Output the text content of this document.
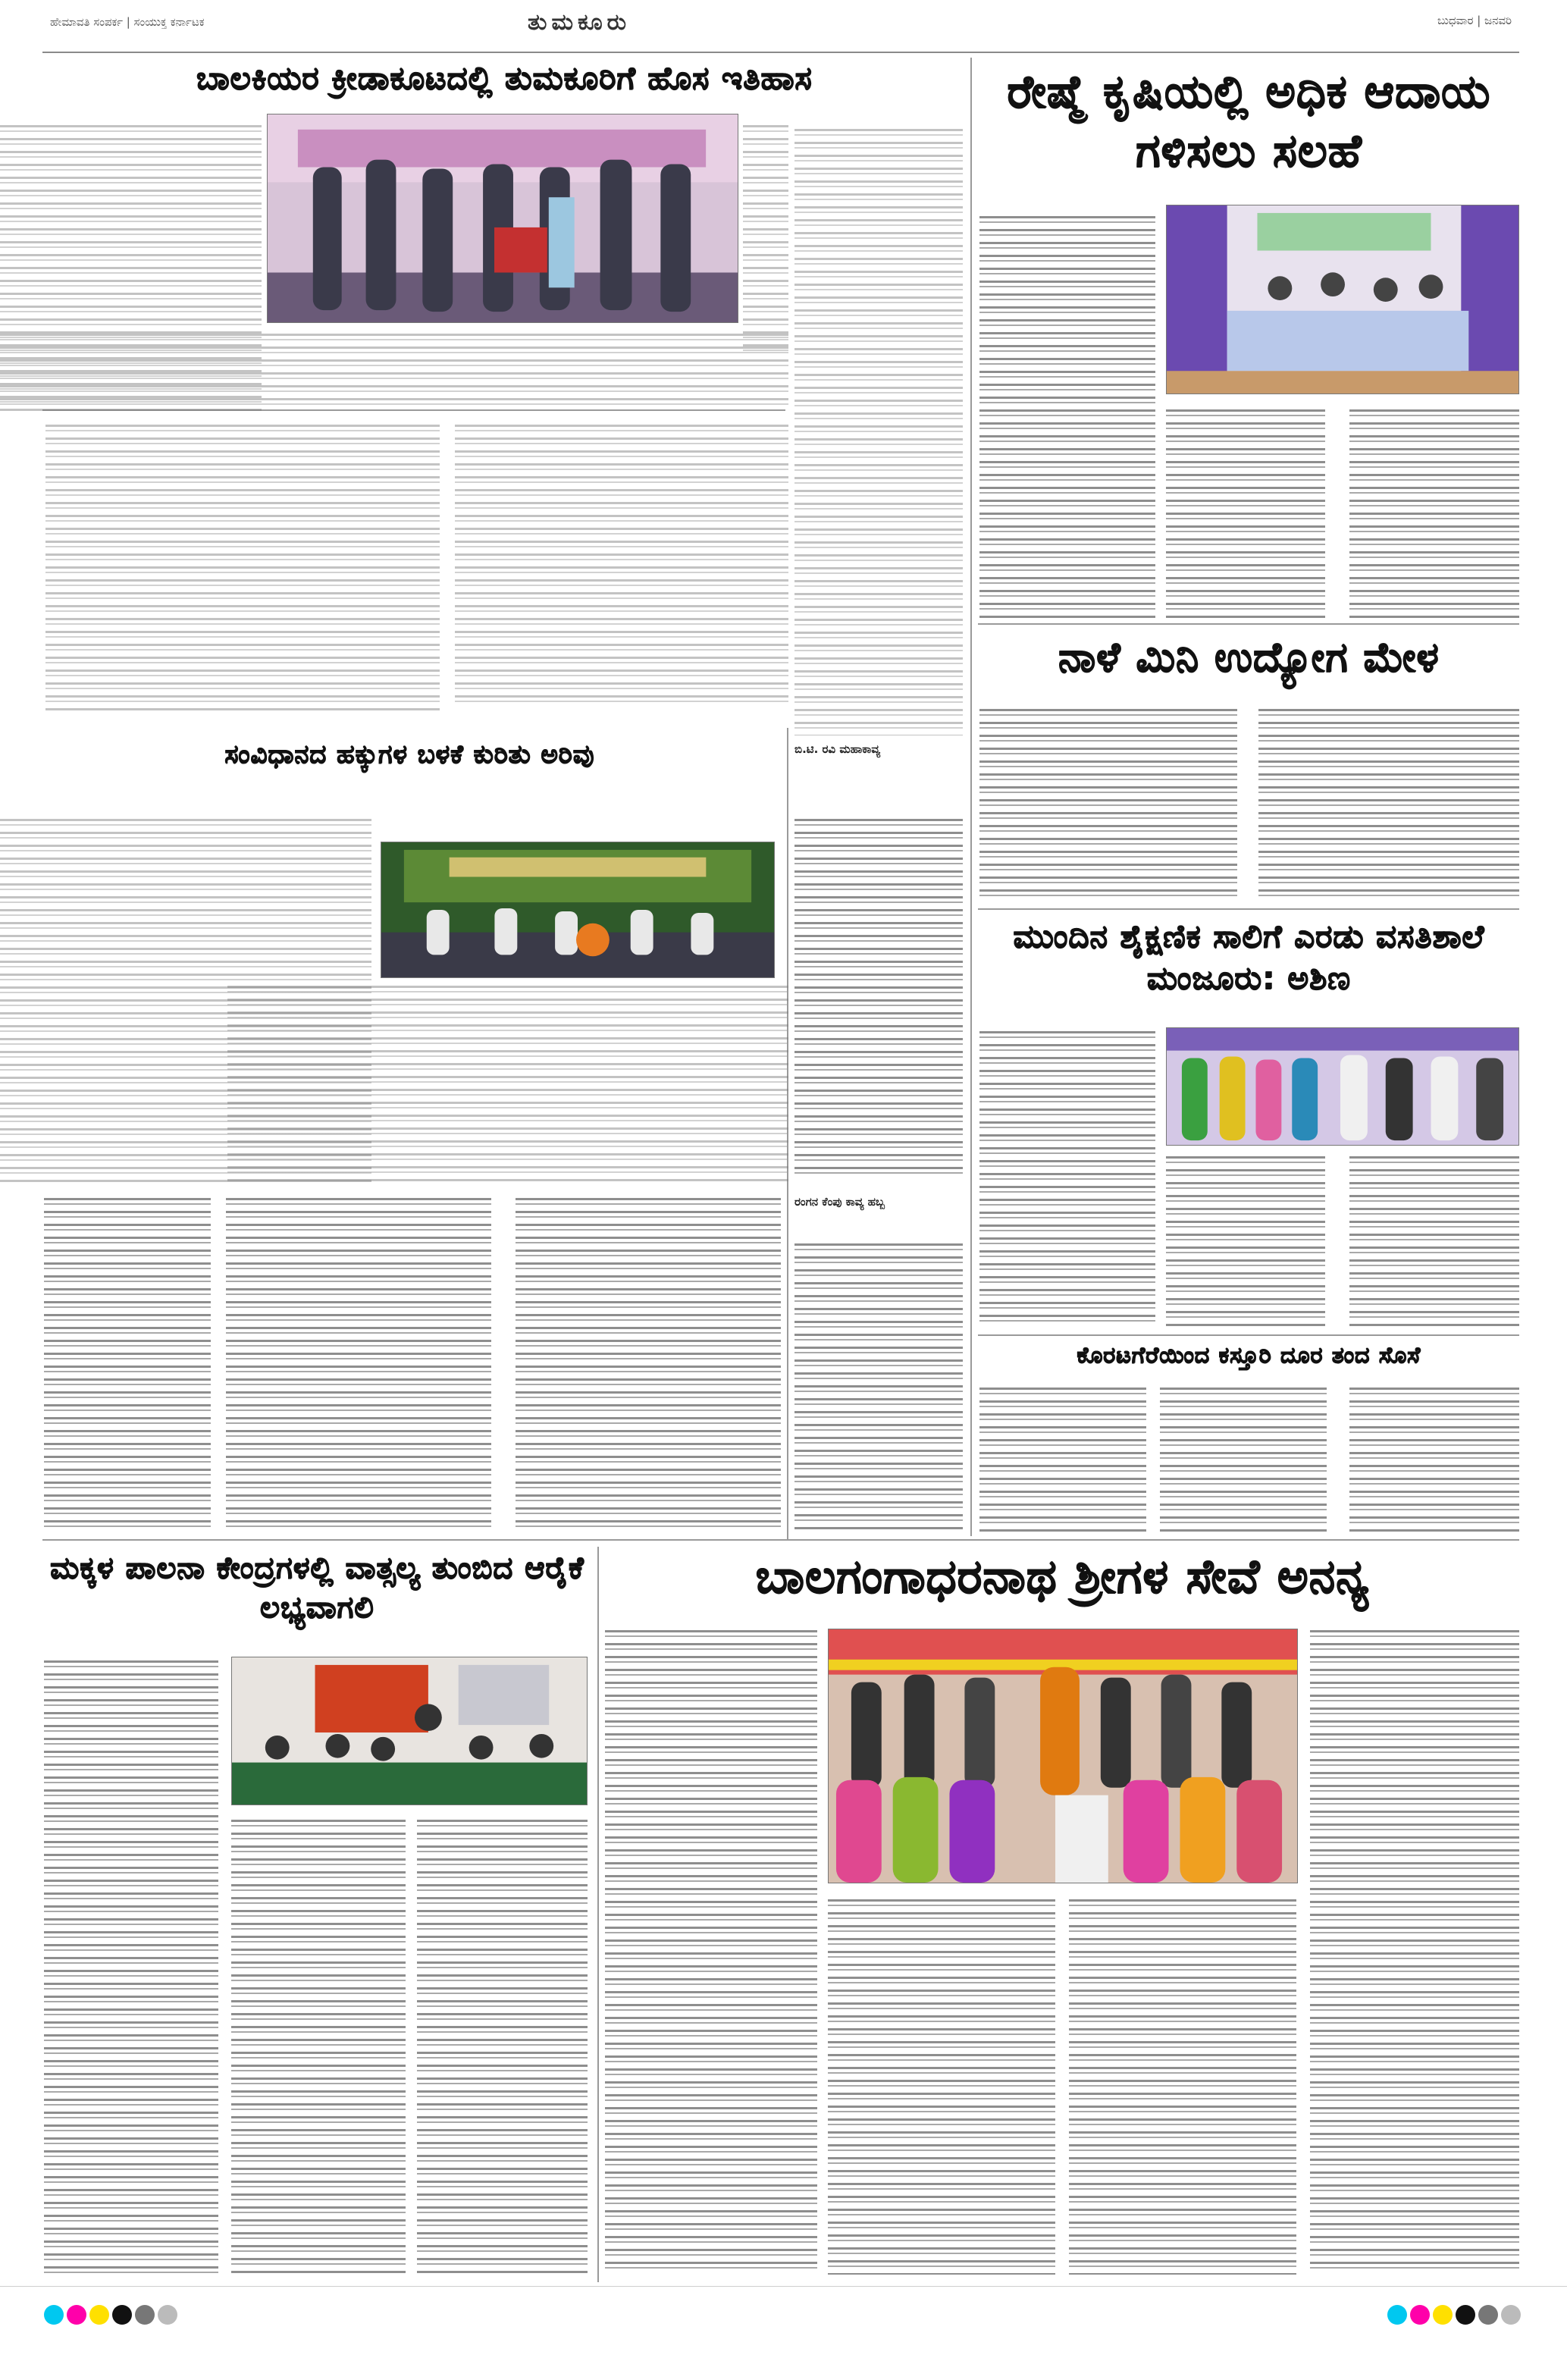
ಹೇಮಾವತಿ ಸಂಪರ್ಕ | ಸಂಯುಕ್ತ ಕರ್ನಾಟಕ	ತುಮಕೂರು	ಬುಧವಾರ | ಜನವರಿ
ಬಾಲಕಿಯರ ಕ್ರೀಡಾಕೂಟದಲ್ಲಿ ತುಮಕೂರಿಗೆ ಹೊಸ ಇತಿಹಾಸ
ಸಂವಿಧಾನದ ಹಕ್ಕುಗಳ ಬಳಕೆ ಕುರಿತು ಅರಿವು	ಬಿ.ಟಿ. ರವಿ ಮಹಾಕಾವ್ಯ
ರಂಗನ ಕೆಂಪು ಕಾವ್ಯ ಹಬ್ಬ
ರೇಷ್ಮೆ ಕೃಷಿಯಲ್ಲಿ ಅಧಿಕ ಆದಾಯ ಗಳಿಸಲು ಸಲಹೆ
ನಾಳೆ ಮಿನಿ ಉದ್ಯೋಗ ಮೇಳ
ಮುಂದಿನ ಶೈಕ್ಷಣಿಕ ಸಾಲಿಗೆ ಎರಡು ವಸತಿಶಾಲೆ ಮಂಜೂರು: ಅಶಿಣ
ಕೊರಟಗೆರೆಯಿಂದ ಕಸ್ತೂರಿ ದೂರ ತಂದ ಸೊಸೆ
ಮಕ್ಕಳ ಪಾಲನಾ ಕೇಂದ್ರಗಳಲ್ಲಿ ವಾತ್ಸಲ್ಯ ತುಂಬಿದ ಆರೈಕೆ ಲಭ್ಯವಾಗಲಿ
ಬಾಲಗಂಗಾಧರನಾಥ ಶ್ರೀಗಳ ಸೇವೆ ಅನನ್ಯ
